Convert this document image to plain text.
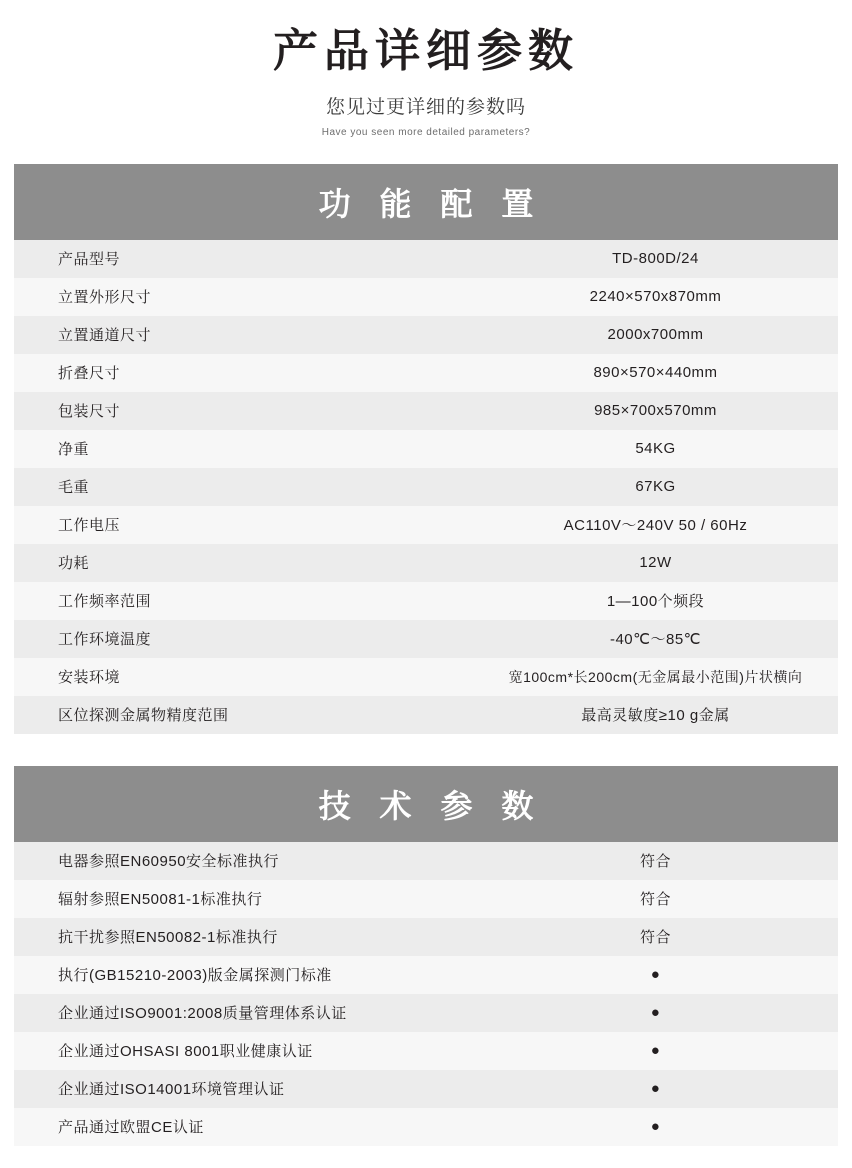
产品详细参数
您见过更详细的参数吗
Have you seen more detailed parameters?
功 能 配 置
产品型号	TD-800D/24
立置外形尺寸	2240×570x870mm
立置通道尺寸	2000x700mm
折叠尺寸	890×570×440mm
包装尺寸	985×700x570mm
净重	54KG
毛重	67KG
工作电压	AC110V～240V 50 / 60Hz
功耗	12W
工作频率范围	1—100个频段
工作环境温度	-40℃～85℃
安装环境	宽100cm*长200cm(无金属最小范围)片状横向
区位探测金属物精度范围	最高灵敏度≥10 g金属
技 术 参 数
电器参照EN60950安全标准执行	符合
辐射参照EN50081-1标准执行	符合
抗干扰参照EN50082-1标准执行	符合
执行(GB15210-2003)版金属探测门标准	●
企业通过ISO9001:2008质量管理体系认证	●
企业通过OHSASI 8001职业健康认证	●
企业通过ISO14001环境管理认证	●
产品通过欧盟CE认证	●
